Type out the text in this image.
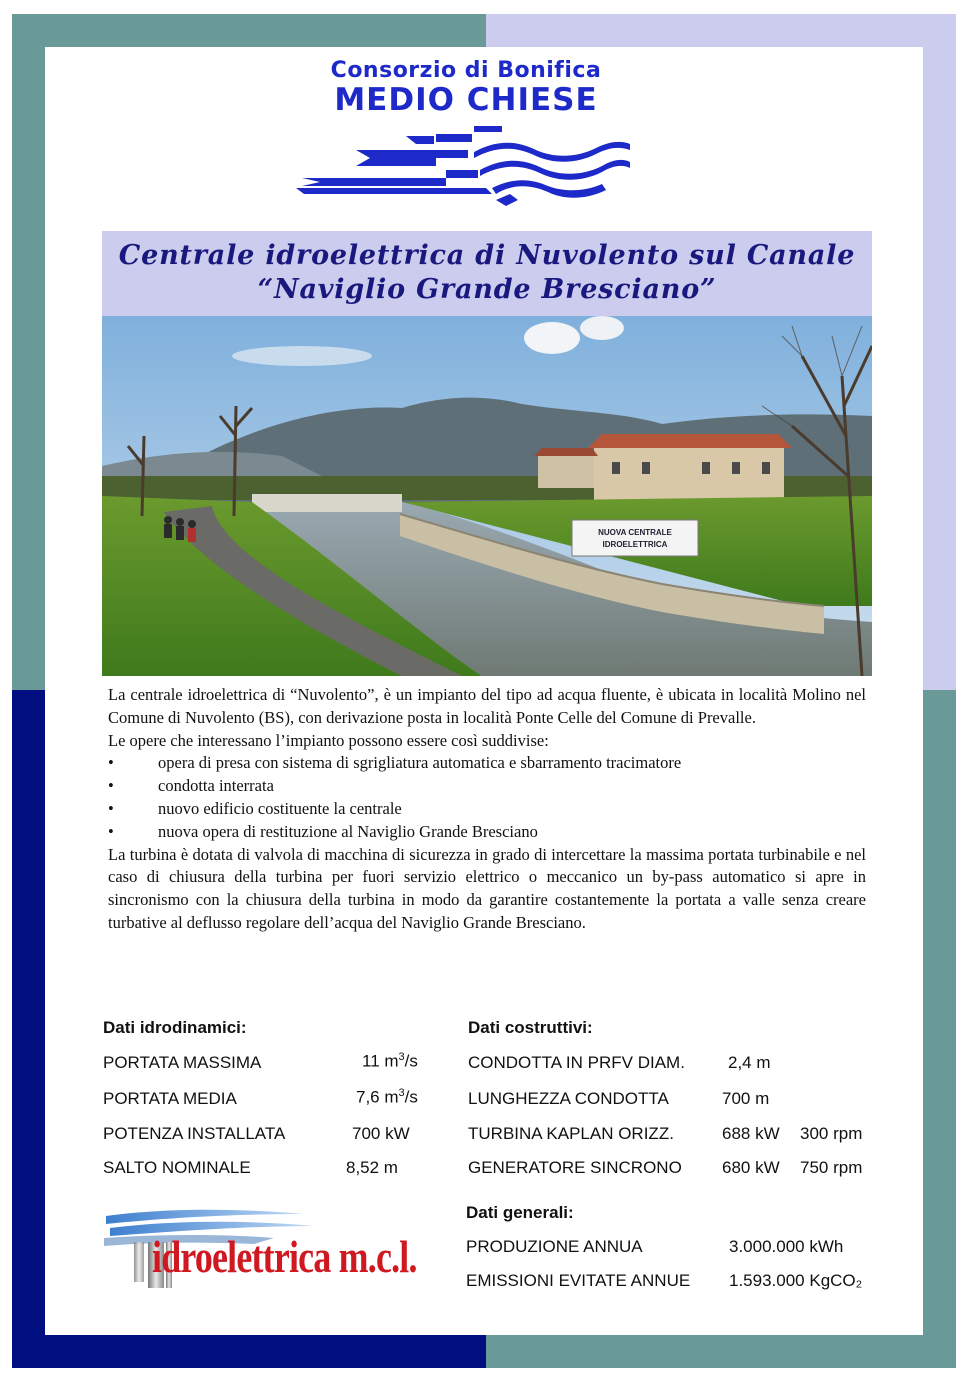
Consorzio di Bonifica
MEDIO CHIESE
Centrale idroelettrica di Nuvolento sul Canale
“Naviglio Grande Bresciano”
NUOVA CENTRALE
IDROELETTRICA

La centrale idroelettrica di “Nuvolento”, è un impianto del tipo ad acqua fluente, è ubicata in località Molino nel Comune di Nuvolento (BS), con derivazione posta in località Ponte Celle del Comune di Prevalle.

Le opere che interessano l’impianto possono essere così suddivise:

• opera di presa con sistema di sgrigliatura automatica e sbarramento tracimatore
• condotta interrata
• nuovo edificio costituente la centrale
• nuova opera di restituzione al Naviglio Grande Bresciano

La turbina è dotata di valvola di macchina di sicurezza in grado di intercettare la massima portata turbinabile e nel caso di chiusura della turbina per fuori servizio elettrico o meccanico un by-pass automatico si apre in sincronismo con la chiusura della turbina in modo da garantire costantemente la portata a valle senza creare turbative al deflusso regolare dell’acqua del Naviglio Grande Bresciano.

Dati idrodinamici:
PORTATA MASSIMA	11 $m^3/s$
PORTATA MEDIA	7,6 $m^3/s$
POTENZA INSTALLATA	700 kW
SALTO NOMINALE	8,52 m
Dati costruttivi:
CONDOTTA IN PRFV DIAM.	2,4 m
LUNGHEZZA CONDOTTA	700 m
TURBINA KAPLAN ORIZZ.	688 kW 300 rpm
GENERATORE SINCRONO 680 kW 750 rpm
Dati generali:
PRODUZIONE ANNUA	3.000.000 kWh
EMISSIONI EVITATE ANNUE 1.593.000 KgCO₂
idroelettrica m.c.l.
